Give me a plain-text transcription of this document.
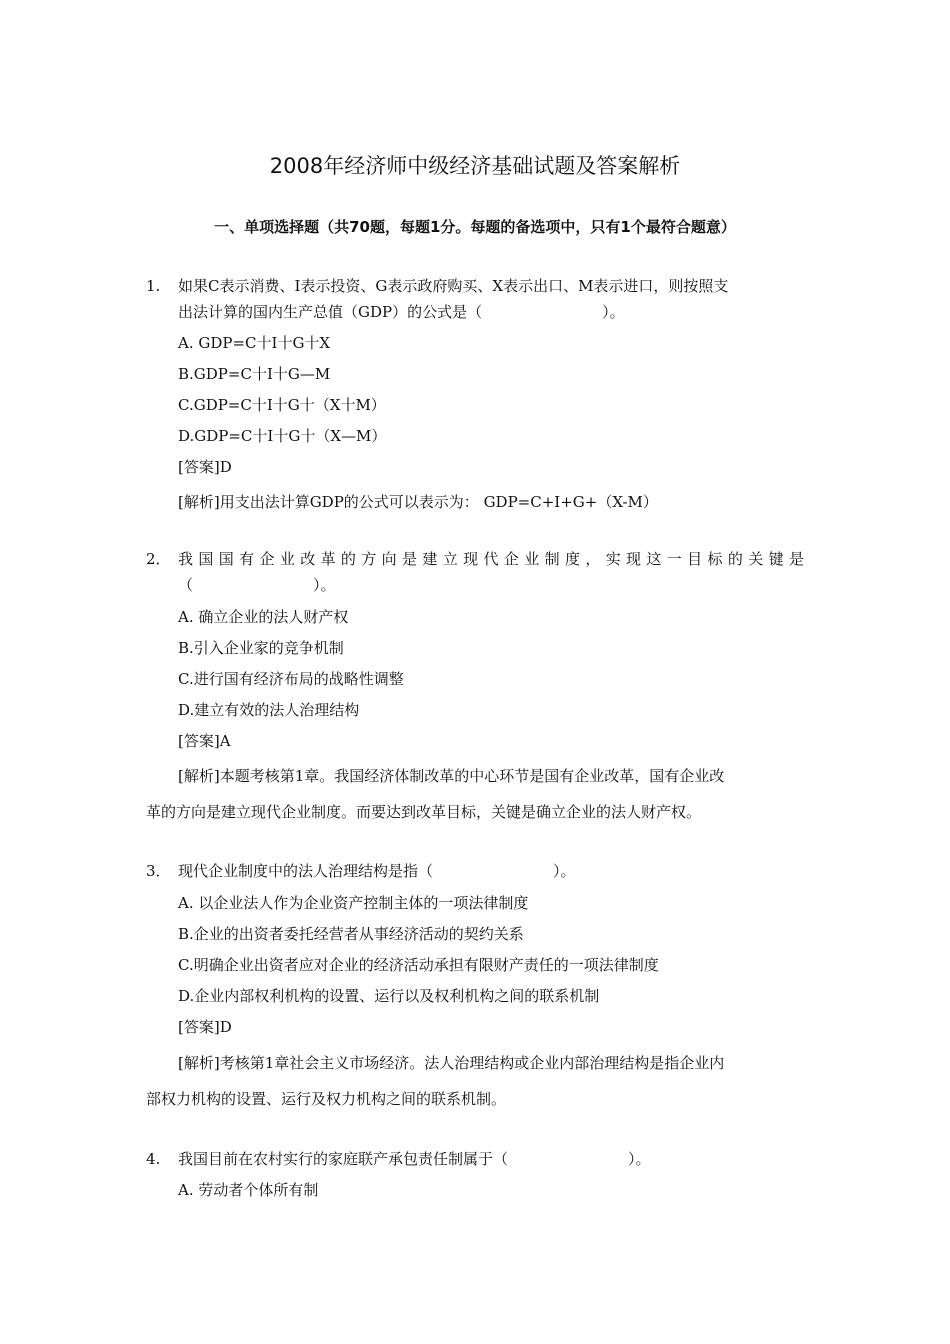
2008年经济师中级经济基础试题及答案解析
一、单项选择题（共70题，每题1分。每题的备选项中，只有1个最符合题意）
1. 如果C表示消费、I表示投资、G表示政府购买、X表示出口、M表示进口，则按照支
出法计算的国内生产总值（GDP）的公式是（　　　　　　　　）。
A. GDP=C十I十G十X
B.GDP=C十I十G—M
C.GDP=C十I十G十（X十M）
D.GDP=C十I十G十（X—M）
[答案]D
[解析]用支出法计算GDP的公式可以表示为： GDP=C+I+G+（X-M）
2． 我国国有企业改革的方向是建立现代企业制度，实现这一目标的关键是
（　　　　　　　　）。
A. 确立企业的法人财产权
B.引入企业家的竞争机制
C.进行国有经济布局的战略性调整
D.建立有效的法人治理结构
[答案]A
[解析]本题考核第1章。我国经济体制改革的中心环节是国有企业改革，国有企业改
革的方向是建立现代企业制度。而要达到改革目标，关键是确立企业的法人财产权。
3． 现代企业制度中的法人治理结构是指（　　　　　　　　）。
A. 以企业法人作为企业资产控制主体的一项法律制度
B.企业的出资者委托经营者从事经济活动的契约关系
C.明确企业出资者应对企业的经济活动承担有限财产责任的一项法律制度
D.企业内部权利机构的设置、运行以及权利机构之间的联系机制
[答案]D
[解析]考核第1章社会主义市场经济。法人治理结构或企业内部治理结构是指企业内
部权力机构的设置、运行及权力机构之间的联系机制。
4. 我国目前在农村实行的家庭联产承包责任制属于（　　　　　　　　）。
A. 劳动者个体所有制
